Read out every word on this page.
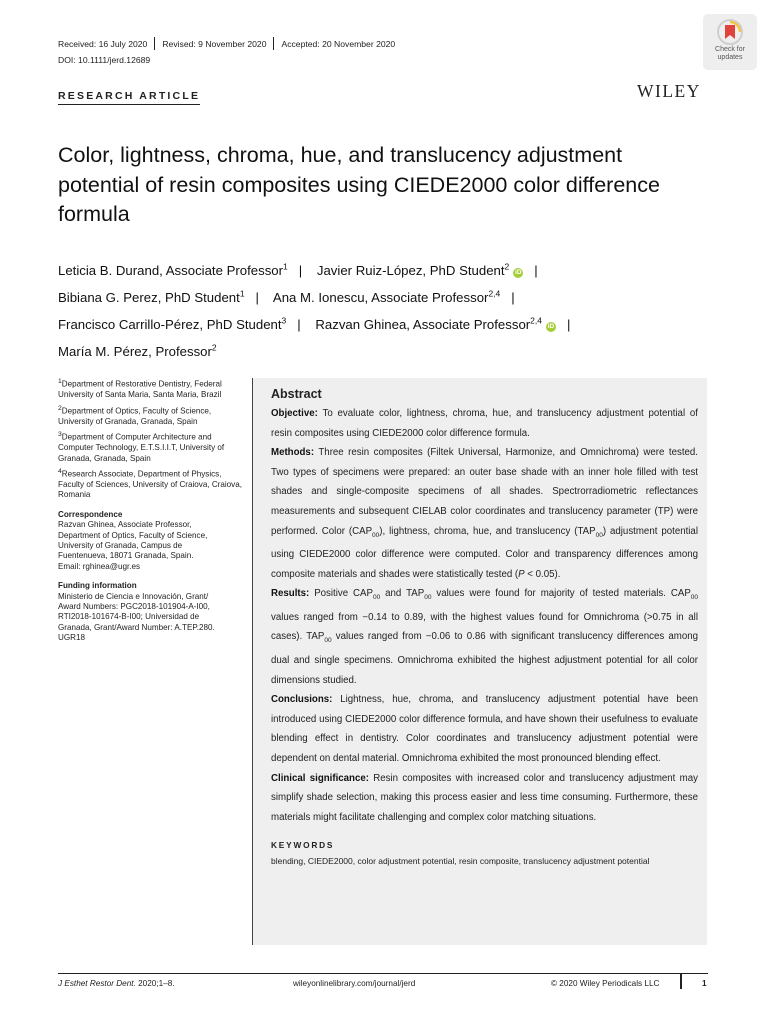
Received: 16 July 2020 Revised: 9 November 2020 Accepted: 20 November 2020
DOI: 10.1111/jerd.12689
Check for
updates
RESEARCH ARTICLE	WILEY
Color, lightness, chroma, hue, and translucency adjustment potential of resin composites using CIEDE2000 color difference formula
Leticia B. Durand, Associate Professor$^1$ | Javier Ruiz-López, PhD Student$^2$iD |
Bibiana G. Perez, PhD Student$^1$ | Ana M. Ionescu, Associate Professor$^{2,4}$ |
Francisco Carrillo-Pérez, PhD Student$^3$ | Razvan Ghinea, Associate Professor$^{2,4}$iD |
María M. Pérez, Professor$^2$
$^1$Department of Restorative Dentistry, Federal University of Santa Maria, Santa Maria, Brazil
$^2$Department of Optics, Faculty of Science, University of Granada, Granada, Spain
$^3$Department of Computer Architecture and Computer Technology, E.T.S.I.I.T, University of Granada, Granada, Spain
$^4$Research Associate, Department of Physics, Faculty of Sciences, University of Craiova, Craiova, Romania
Correspondence
Razvan Ghinea, Associate Professor,
Department of Optics, Faculty of Science,
University of Granada, Campus de
Fuentenueva, 18071 Granada, Spain.
Email: rghinea@ugr.es
Funding information
Ministerio de Ciencia e Innovación, Grant/
Award Numbers: PGC2018-101904-A-I00,
RTI2018-101674-B-I00; Universidad de
Granada, Grant/Award Number: A.TEP.280.
UGR18
Abstract

Objective: To evaluate color, lightness, chroma, hue, and translucency adjustment potential of resin composites using CIEDE2000 color difference formula.

Methods: Three resin composites (Filtek Universal, Harmonize, and Omnichroma) were tested. Two types of specimens were prepared: an outer base shade with an inner hole filled with test shades and single-composite specimens of all shades. Spectrorradiometric reflectances measurements and subsequent CIELAB color coordinates and translucency parameter (TP) were performed. Color $(CAP_{00})$, lightness, chroma, hue, and translucency $(TAP_{00})$ adjustment potential using CIEDE2000 color difference were computed. Color and transparency differences among composite materials and shades were statistically tested (P < 0.05).

Results: Positive $CAP_{00}$ and $TAP_{00}$ values were found for majority of tested materials. $CAP_{00}$ values ranged from −0.14 to 0.89, with the highest values found for Omnichroma (>0.75 in all cases). $TAP_{00}$ values ranged from −0.06 to 0.86 with significant translucency differences among dual and single specimens. Omnichroma exhibited the highest adjustment potential for all color dimensions studied.

Conclusions: Lightness, hue, chroma, and translucency adjustment potential have been introduced using CIEDE2000 color difference formula, and have shown their usefulness to evaluate blending effect in dentistry. Color coordinates and translucency adjustment potential were dependent on dental material. Omnichroma exhibited the most pronounced blending effect.

Clinical significance: Resin composites with increased color and translucency adjustment may simplify shade selection, making this process easier and less time consuming. Furthermore, these materials might facilitate challenging and complex color matching situations.

KEYWORDS
blending, CIEDE2000, color adjustment potential, resin composite, translucency adjustment potential
J Esthet Restor Dent. 2020;1–8.	wileyonlinelibrary.com/journal/jerd	© 2020 Wiley Periodicals LLC	1
